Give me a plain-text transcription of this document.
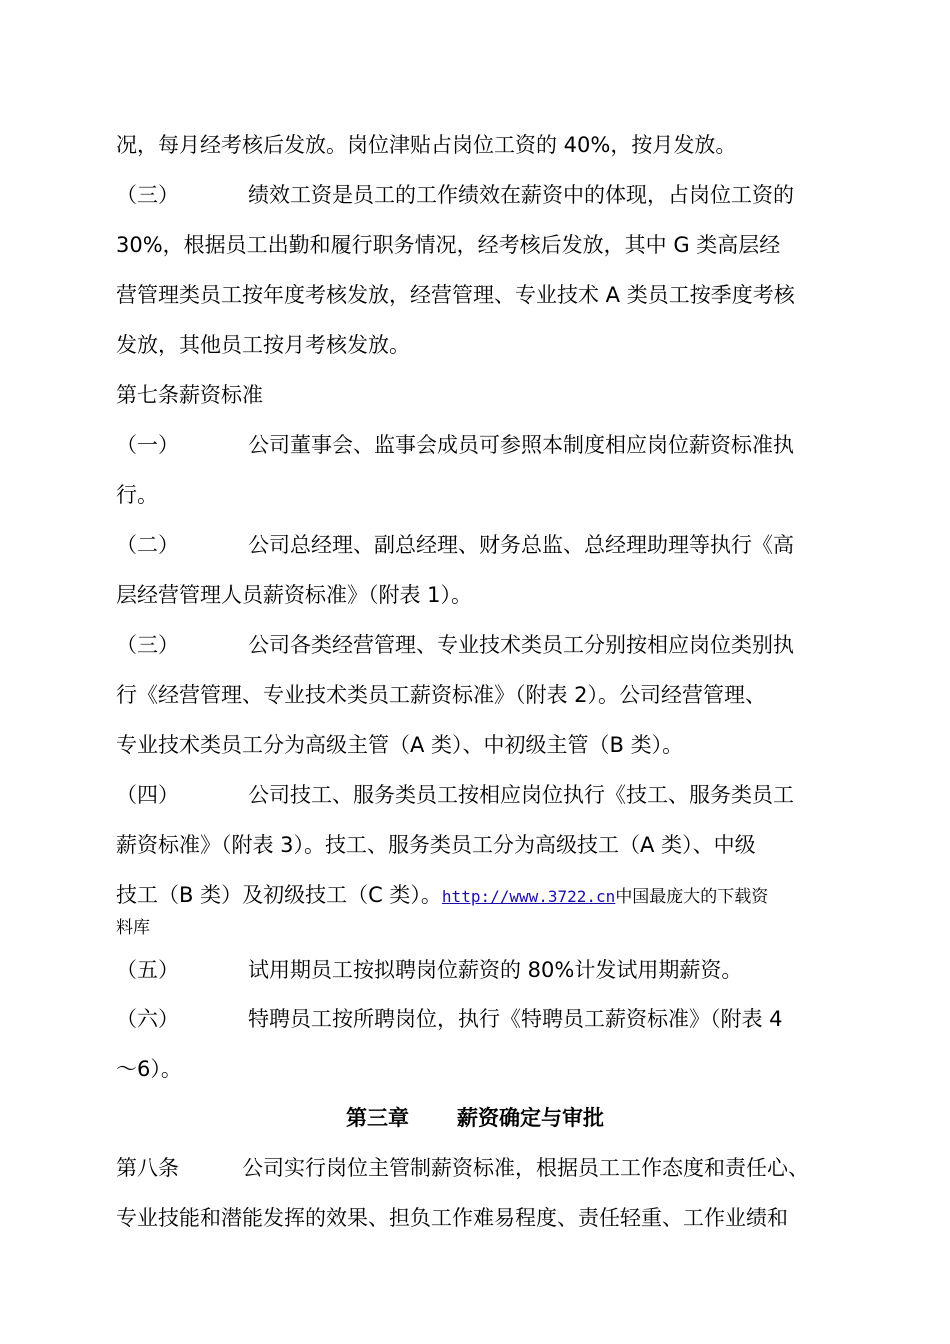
况，每月经考核后发放。岗位津贴占岗位工资的 40%，按月发放。
（三）	绩效工资是员工的工作绩效在薪资中的体现，占岗位工资的
30%，根据员工出勤和履行职务情况，经考核后发放，其中 G 类高层经
营管理类员工按年度考核发放，经营管理、专业技术 A 类员工按季度考核
发放，其他员工按月考核发放。
第七条薪资标准
（一）	公司董事会、监事会成员可参照本制度相应岗位薪资标准执
行。
（二）	公司总经理、副总经理、财务总监、总经理助理等执行《高
层经营管理人员薪资标准》（附表 1）。
（三）	公司各类经营管理、专业技术类员工分别按相应岗位类别执
行《经营管理、专业技术类员工薪资标准》（附表 2）。公司经营管理、
专业技术类员工分为高级主管（A 类）、中初级主管（B 类）。
（四）	公司技工、服务类员工按相应岗位执行《技工、服务类员工
薪资标准》（附表 3）。技工、服务类员工分为高级技工（A 类）、中级
技工（B 类）及初级技工（C 类）。http://www.3722.cn中国最庞大的下载资
料库
（五）	试用期员工按拟聘岗位薪资的 80%计发试用期薪资。
（六）	特聘员工按所聘岗位，执行《特聘员工薪资标准》（附表 4
～6）。
第三章 薪资确定与审批
第八条	公司实行岗位主管制薪资标准，根据员工工作态度和责任心、
专业技能和潜能发挥的效果、担负工作难易程度、责任轻重、工作业绩和
